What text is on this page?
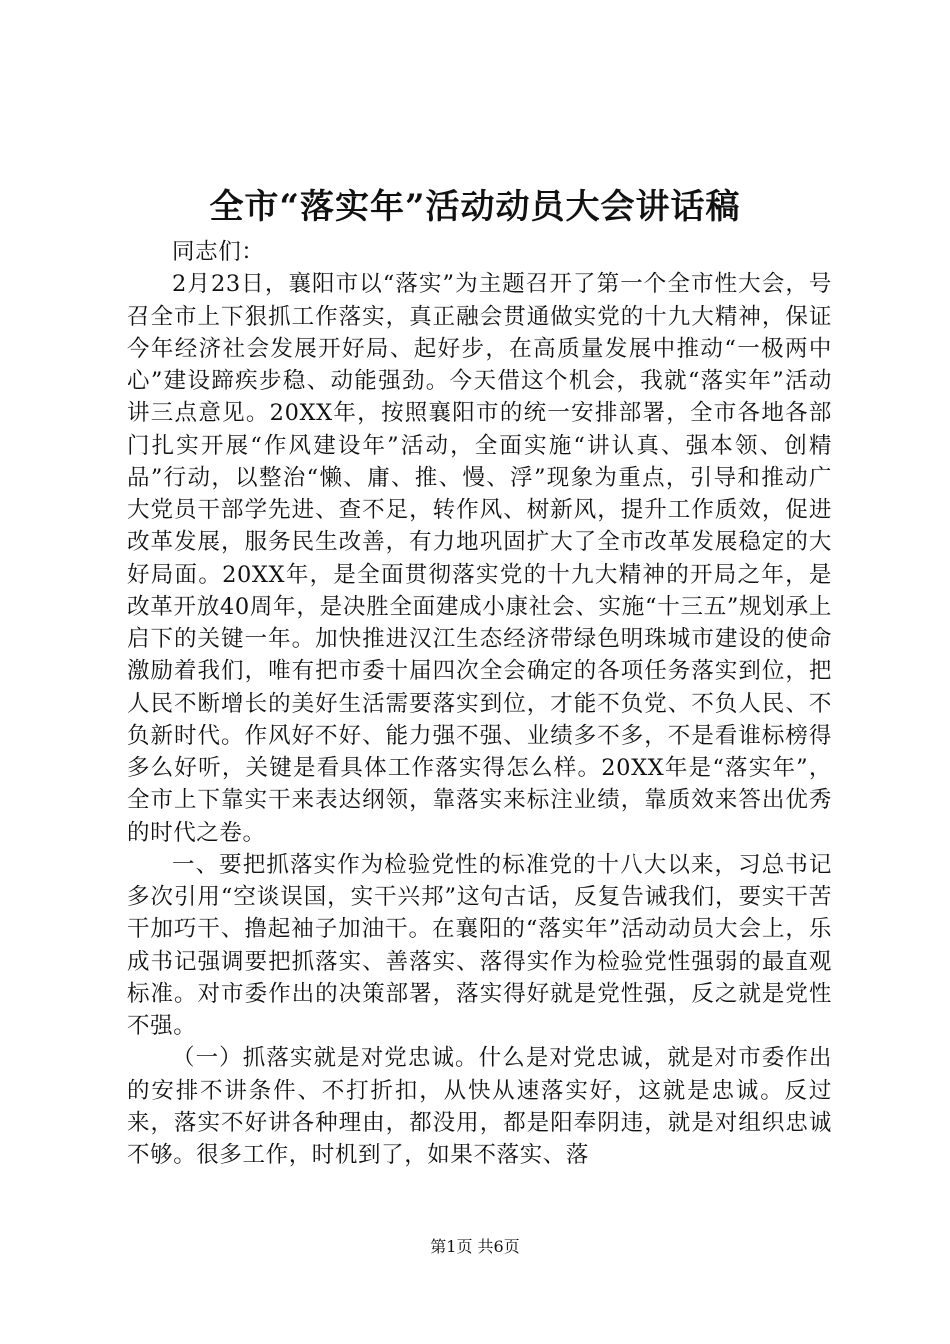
全市“落实年”活动动员大会讲话稿

同志们：

2月23日，襄阳市以“落实”为主题召开了第一个全市性大会，号召全市上下狠抓工作落实，真正融会贯通做实党的十九大精神，保证今年经济社会发展开好局、起好步，在高质量发展中推动“一极两中心”建设蹄疾步稳、动能强劲。今天借这个机会，我就“落实年”活动讲三点意见。20XX年，按照襄阳市的统一安排部署，全市各地各部门扎实开展“作风建设年”活动，全面实施“讲认真、强本领、创精品”行动，以整治“懒、庸、推、慢、浮”现象为重点，引导和推动广大党员干部学先进、查不足，转作风、树新风，提升工作质效，促进改革发展，服务民生改善，有力地巩固扩大了全市改革发展稳定的大好局面。20XX年，是全面贯彻落实党的十九大精神的开局之年，是改革开放40周年，是决胜全面建成小康社会、实施“十三五”规划承上启下的关键一年。加快推进汉江生态经济带绿色明珠城市建设的使命激励着我们，唯有把市委十届四次全会确定的各项任务落实到位，把人民不断增长的美好生活需要落实到位，才能不负党、不负人民、不负新时代。作风好不好、能力强不强、业绩多不多，不是看谁标榜得多么好听，关键是看具体工作落实得怎么样。20XX年是“落实年”，全市上下靠实干来表达纲领，靠落实来标注业绩，靠质效来答出优秀的时代之卷。

一、要把抓落实作为检验党性的标准党的十八大以来，习总书记多次引用“空谈误国，实干兴邦”这句古话，反复告诫我们，要实干苦干加巧干、撸起袖子加油干。在襄阳的“落实年”活动动员大会上，乐成书记强调要把抓落实、善落实、落得实作为检验党性强弱的最直观标准。对市委作出的决策部署，落实得好就是党性强，反之就是党性不强。

（一）抓落实就是对党忠诚。什么是对党忠诚，就是对市委作出的安排不讲条件、不打折扣，从快从速落实好，这就是忠诚。反过来，落实不好讲各种理由，都没用，都是阳奉阴违，就是对组织忠诚不够。很多工作，时机到了，如果不落实、落

第1页 共6页
